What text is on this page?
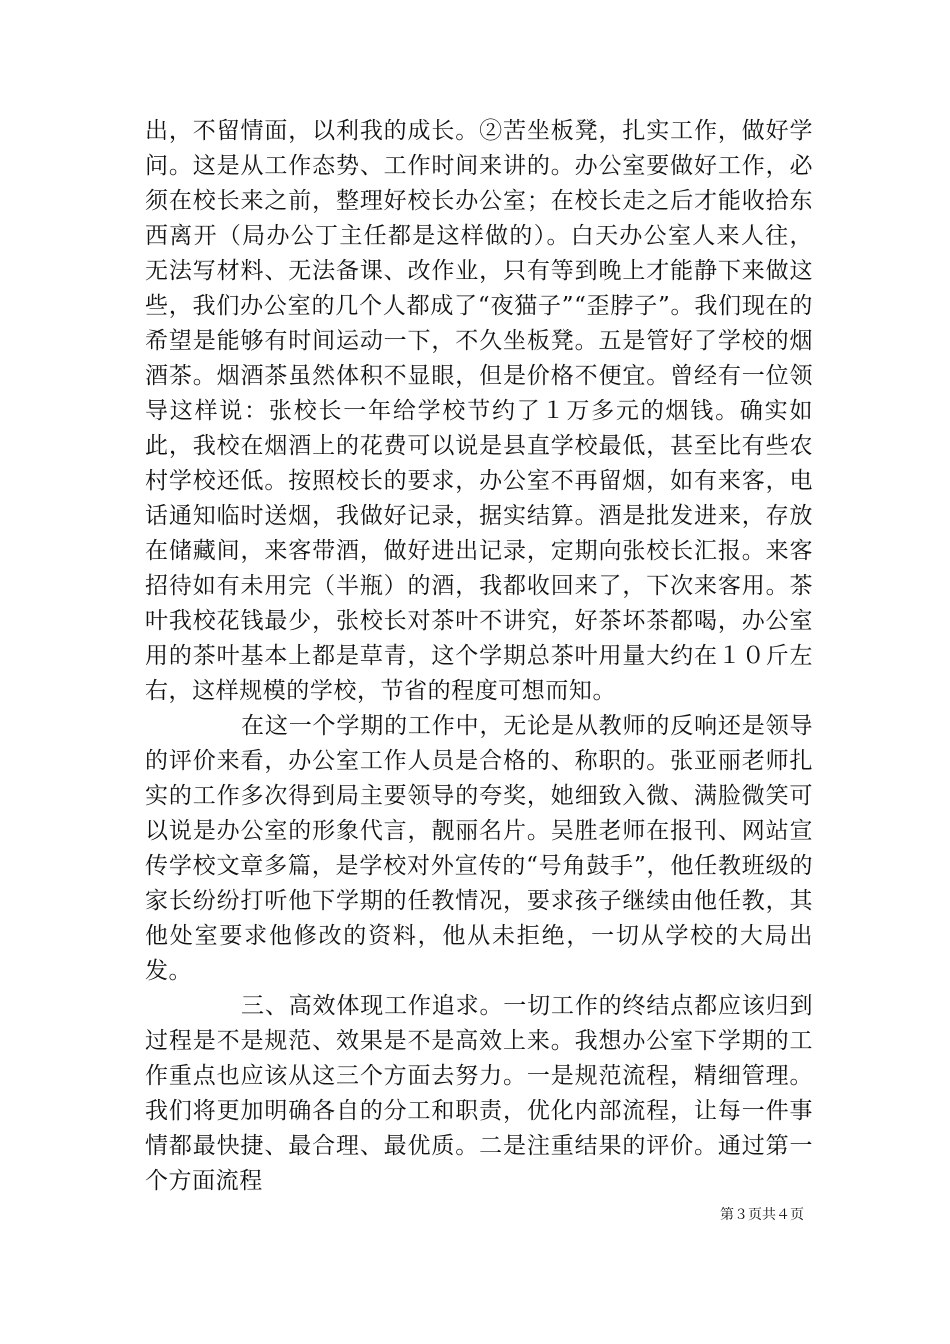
出，不留情面，以利我的成长。②苦坐板凳，扎实工作，做好学问。这是从工作态势、工作时间来讲的。办公室要做好工作，必须在校长来之前，整理好校长办公室；在校长走之后才能收拾东西离开（局办公丁主任都是这样做的）。白天办公室人来人往，无法写材料、无法备课、改作业，只有等到晚上才能静下来做这些，我们办公室的几个人都成了“夜猫子”“歪脖子”。我们现在的希望是能够有时间运动一下，不久坐板凳。五是管好了学校的烟酒茶。烟酒茶虽然体积不显眼，但是价格不便宜。曾经有一位领导这样说：张校长一年给学校节约了１万多元的烟钱。确实如此，我校在烟酒上的花费可以说是县直学校最低，甚至比有些农村学校还低。按照校长的要求，办公室不再留烟，如有来客，电话通知临时送烟，我做好记录，据实结算。酒是批发进来，存放在储藏间，来客带酒，做好进出记录，定期向张校长汇报。来客招待如有未用完（半瓶）的酒，我都收回来了，下次来客用。茶叶我校花钱最少，张校长对茶叶不讲究，好茶坏茶都喝，办公室用的茶叶基本上都是草青，这个学期总茶叶用量大约在１０斤左右，这样规模的学校，节省的程度可想而知。

在这一个学期的工作中，无论是从教师的反响还是领导的评价来看，办公室工作人员是合格的、称职的。张亚丽老师扎实的工作多次得到局主要领导的夸奖，她细致入微、满脸微笑可以说是办公室的形象代言，靓丽名片。吴胜老师在报刊、网站宣传学校文章多篇，是学校对外宣传的“号角鼓手”，他任教班级的家长纷纷打听他下学期的任教情况，要求孩子继续由他任教，其他处室要求他修改的资料，他从未拒绝，一切从学校的大局出发。

三、高效体现工作追求。一切工作的终结点都应该归到过程是不是规范、效果是不是高效上来。我想办公室下学期的工作重点也应该从这三个方面去努力。一是规范流程，精细管理。我们将更加明确各自的分工和职责，优化内部流程，让每一件事情都最快捷、最合理、最优质。二是注重结果的评价。通过第一个方面流程

第３页共４页
